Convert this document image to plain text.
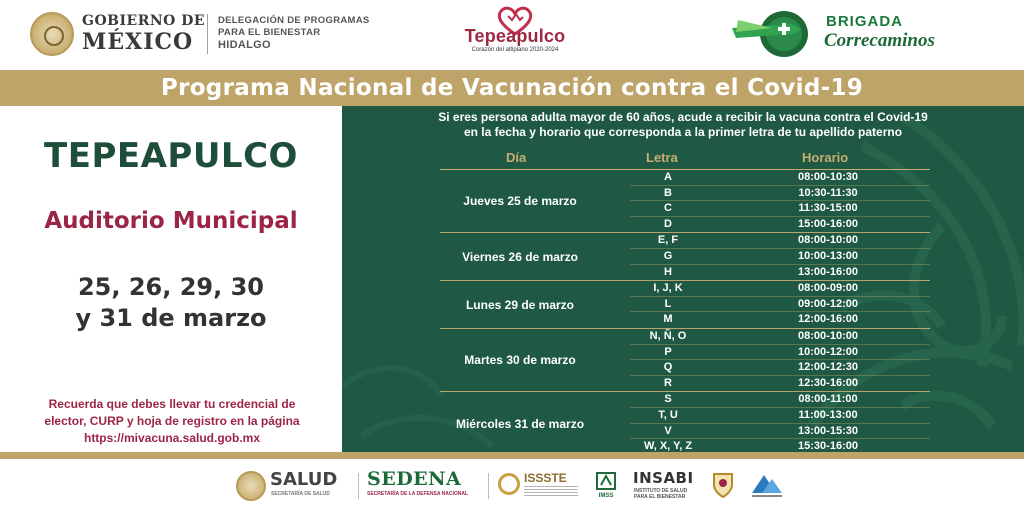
GOBIERNO DE
MÉXICO
DELEGACIÓN DE PROGRAMAS
PARA EL BIENESTAR
HIDALGO	Tepeapulco
Corazón del altiplano 2020-2024
BRIGADA
Correcaminos
Programa Nacional de Vacunación contra el Covid-19
TEPEAPULCO
Auditorio Municipal
25, 26, 29, 30
y 31 de marzo
Recuerda que debes llevar tu credencial de
elector, CURP y hoja de registro en la página
https://mivacuna.salud.gob.mx
Si eres persona adulta mayor de 60 años, acude a recibir la vacuna contra el Covid-19
en la fecha y horario que corresponda a la primer letra de tu apellido paterno
Día	Letra	Horario
Jueves 25 de marzo
A	08:00-10:30
B	10:30-11:30
C	11:30-15:00
D	15:00-16:00
Viernes 26 de marzo
E, F	08:00-10:00
G	10:00-13:00
H	13:00-16:00
Lunes 29 de marzo
I, J, K	08:00-09:00
L	09:00-12:00
M	12:00-16:00
Martes 30 de marzo
N, Ñ, O	08:00-10:00
P	10:00-12:00
Q	12:00-12:30
R	12:30-16:00
Miércoles 31 de marzo
S	08:00-11:00
T, U	11:00-13:00
V	13:00-15:30
W, X, Y, Z	15:30-16:00
SALUD
SECRETARÍA DE SALUD
SEDENA
SECRETARÍA DE LA DEFENSA NACIONAL
ISSSTE
IMSS
INSABI
INSTITUTO DE SALUD PARA EL BIENESTAR
